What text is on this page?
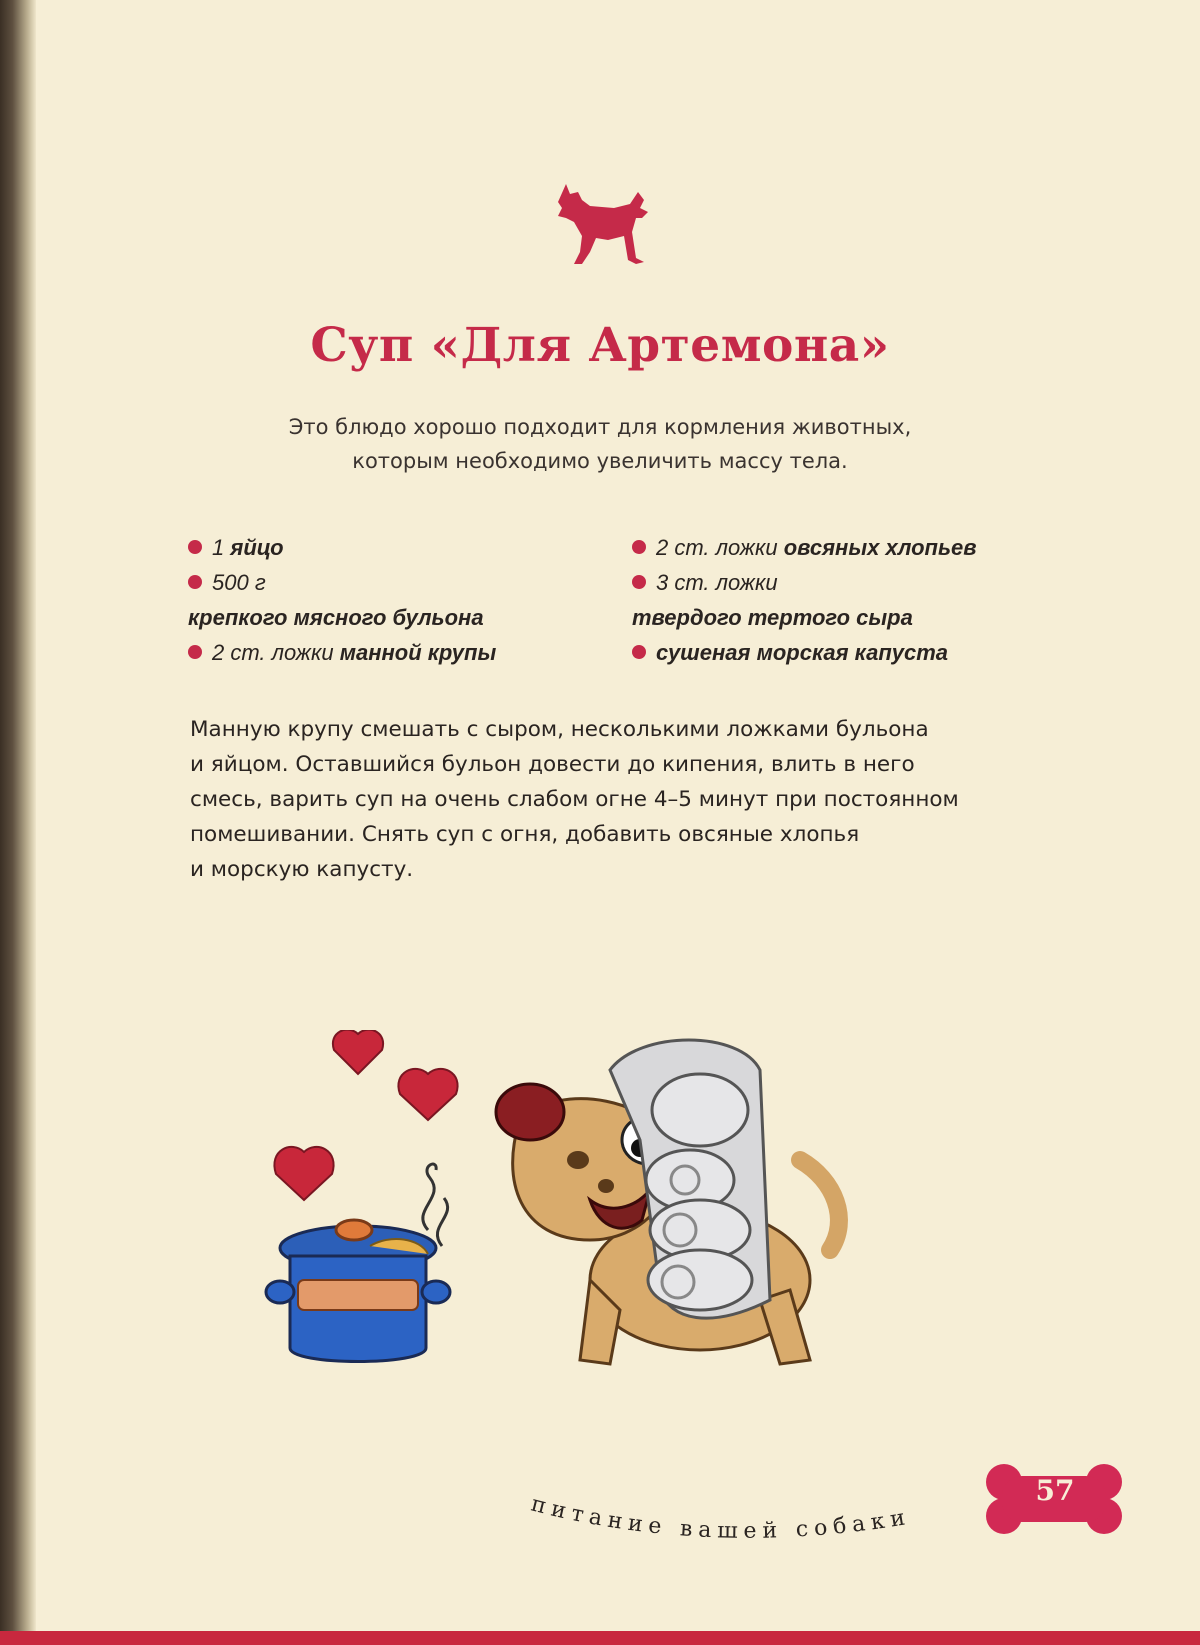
Суп «Для Артемона»
Это блюдо хорошо подходит для кормления животных,
которым необходимо увеличить массу тела.
1 яйцо
500 г
крепкого мясного бульона
2 ст. ложки манной крупы
2 ст. ложки овсяных хлопьев
3 ст. ложки
твердого тертого сыра
сушеная морская капуста
Манную крупу смешать с сыром, несколькими ложками бульона
и яйцом. Оставшийся бульон довести до кипения, влить в него
смесь, варить суп на очень слабом огне 4–5 минут при постоянном
помешивании. Снять суп с огня, добавить овсяные хлопья
и морскую капусту.
питание вашей собаки
57
